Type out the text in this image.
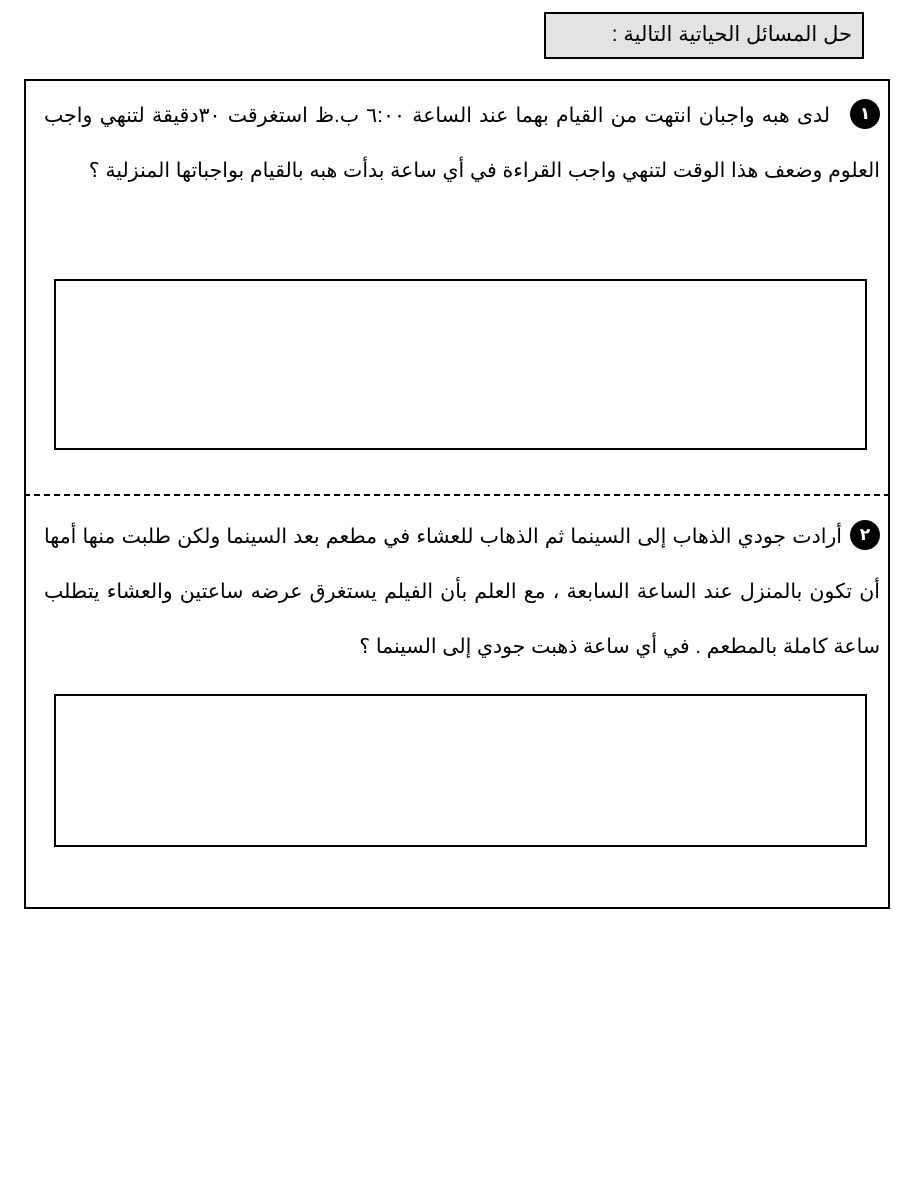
حل المسائل الحياتية التالية :
١لدى هبه واجبان انتهت من القيام بهما عند الساعة ٦:٠٠ ب.ظ استغرقت ٣٠دقيقة لتنهي واجب العلوم وضعف هذا الوقت لتنهي واجب القراءة في أي ساعة بدأت هبه بالقيام بواجباتها المنزلية ؟
٢أرادت جودي الذهاب إلى السينما ثم الذهاب للعشاء في مطعم بعد السينما ولكن طلبت منها أمها أن تكون بالمنزل عند الساعة السابعة ، مع العلم بأن الفيلم يستغرق عرضه ساعتين والعشاء يتطلب ساعة كاملة بالمطعم . في أي ساعة ذهبت جودي إلى السينما ؟
